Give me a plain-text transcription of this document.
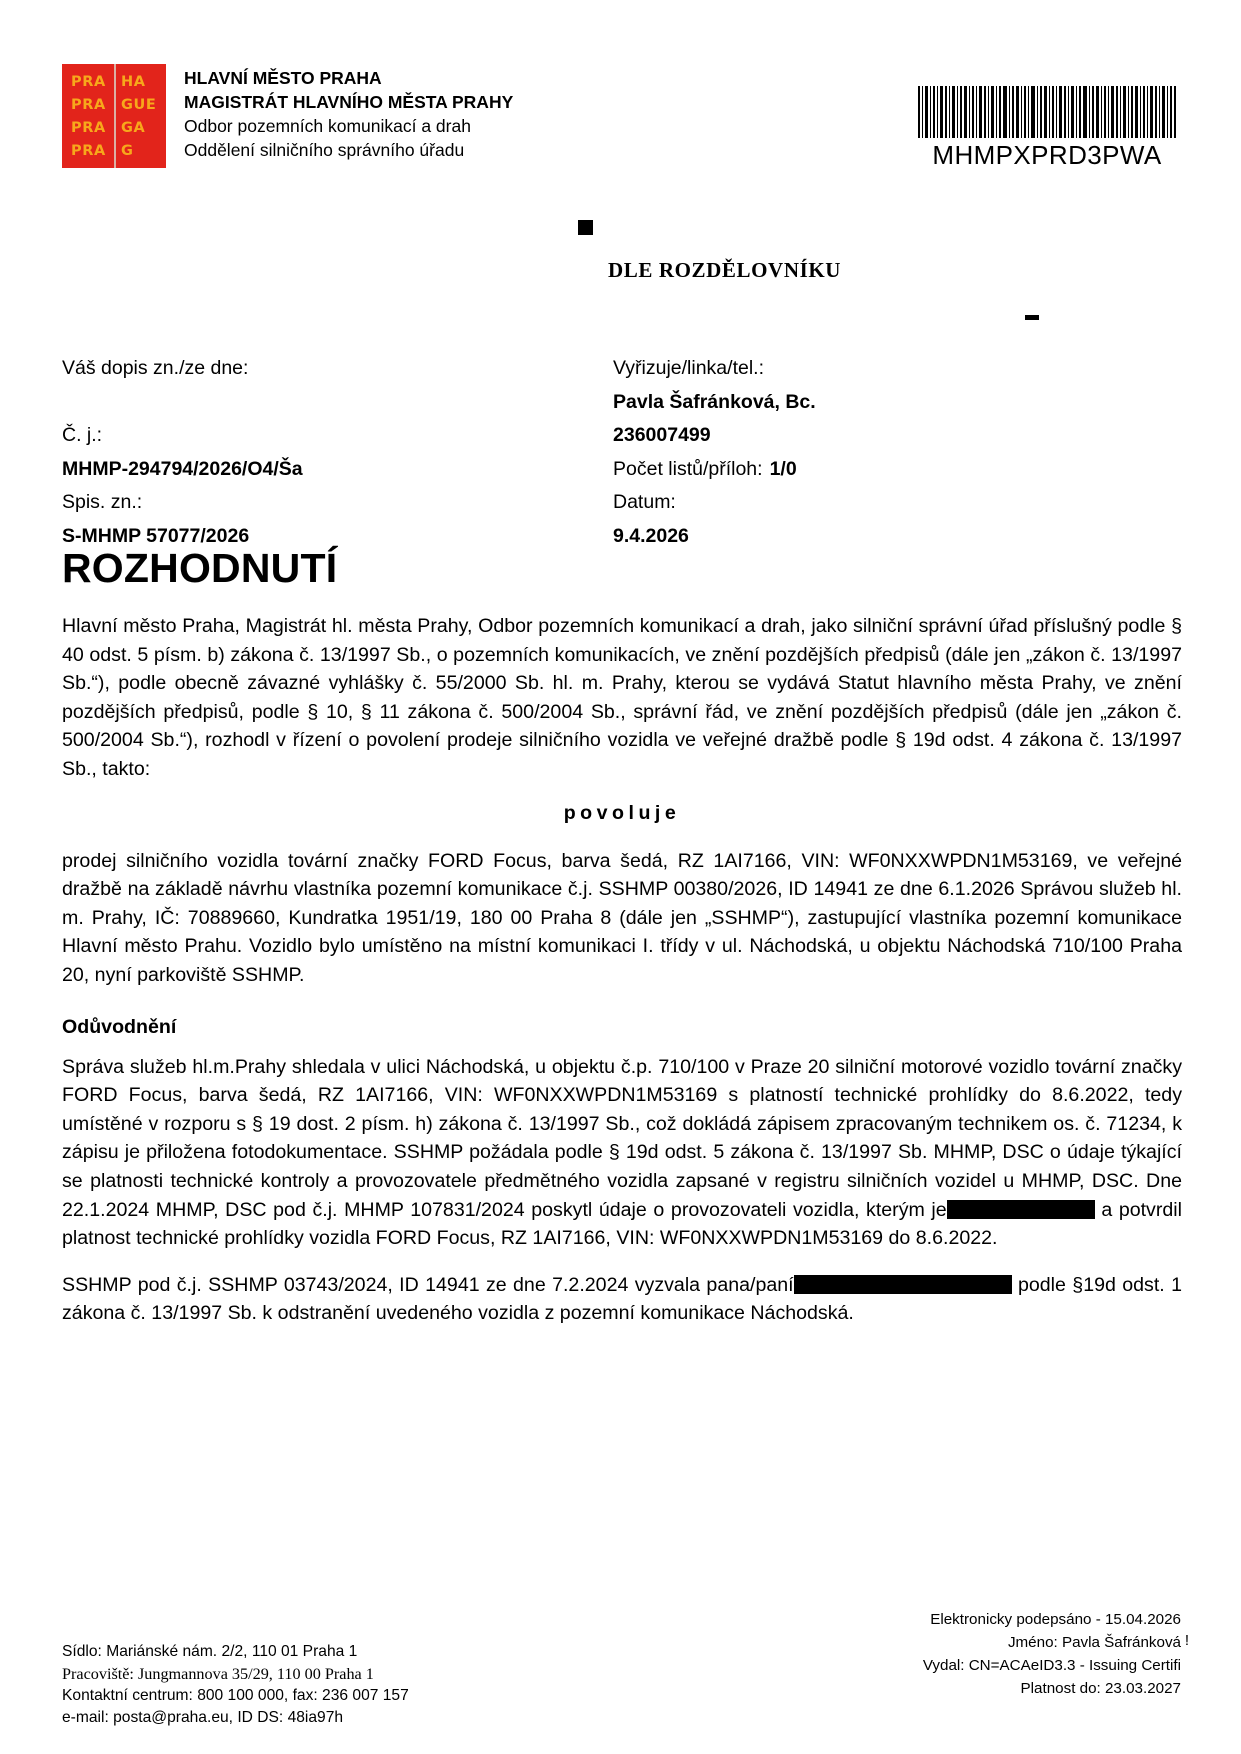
PRA	HA
PRA	GUE
PRA	GA
PRA	G
HLAVNÍ MĚSTO PRAHA
MAGISTRÁT HLAVNÍHO MĚSTA PRAHY
Odbor pozemních komunikací a drah
Oddělení silničního správního úřadu	MHMPXPRD3PWA
DLE ROZDĚLOVNÍKU
Váš dopis zn./ze dne:

Č. j.:
MHMP-294794/2026/O4/Ša
Spis. zn.:
S-MHMP 57077/2026
Vyřizuje/linka/tel.:
Pavla Šafránková, Bc.
236007499
Počet listů/příloh: 1/0
Datum:
9.4.2026
ROZHODNUTÍ

Hlavní město Praha, Magistrát hl. města Prahy, Odbor pozemních komunikací a drah, jako silniční správní úřad příslušný podle § 40 odst. 5 písm. b) zákona č. 13/1997 Sb., o pozemních komunikacích, ve znění pozdějších předpisů (dále jen „zákon č. 13/1997 Sb.“), podle obecně závazné vyhlášky č. 55/2000 Sb. hl. m. Prahy, kterou se vydává Statut hlavního města Prahy, ve znění pozdějších předpisů, podle § 10, § 11 zákona č. 500/2004 Sb., správní řád, ve znění pozdějších předpisů (dále jen „zákon č. 500/2004 Sb.“), rozhodl v řízení o povolení prodeje silničního vozidla ve veřejné dražbě podle § 19d odst. 4 zákona č. 13/1997 Sb., takto:

povoluje

prodej silničního vozidla tovární značky FORD Focus, barva šedá, RZ 1AI7166, VIN: WF0NXXWPDN1M53169, ve veřejné dražbě na základě návrhu vlastníka pozemní komunikace č.j. SSHMP 00380/2026, ID 14941 ze dne 6.1.2026 Správou služeb hl. m. Prahy, IČ: 70889660, Kundratka 1951/19, 180 00 Praha 8 (dále jen „SSHMP“), zastupující vlastníka pozemní komunikace Hlavní město Prahu. Vozidlo bylo umístěno na místní komunikaci I. třídy v ul. Náchodská, u objektu Náchodská 710/100 Praha 20, nyní parkoviště SSHMP.

Odůvodnění

Správa služeb hl.m.Prahy shledala v ulici Náchodská, u objektu č.p. 710/100 v Praze 20 silniční motorové vozidlo tovární značky FORD Focus, barva šedá, RZ 1AI7166, VIN: WF0NXXWPDN1M53169 s platností technické prohlídky do 8.6.2022, tedy umístěné v rozporu s § 19 dost. 2 písm. h) zákona č. 13/1997 Sb., což dokládá zápisem zpracovaným technikem os. č. 71234, k zápisu je přiložena fotodokumentace. SSHMP požádala podle § 19d odst. 5 zákona č. 13/1997 Sb. MHMP, DSC o údaje týkající se platnosti technické kontroly a provozovatele předmětného vozidla zapsané v registru silničních vozidel u MHMP, DSC. Dne 22.1.2024 MHMP, DSC pod č.j. MHMP 107831/2024 poskytl údaje o provozovateli vozidla, kterým je	a potvrdil platnost technické prohlídky vozidla FORD Focus, RZ 1AI7166, VIN: WF0NXXWPDN1M53169 do 8.6.2022.

SSHMP pod č.j. SSHMP 03743/2024, ID 14941 ze dne 7.2.2024 vyzvala pana/paní	podle §19d odst. 1 zákona č. 13/1997 Sb. k odstranění uvedeného vozidla z pozemní komunikace Náchodská.

Sídlo: Mariánské nám. 2/2, 110 01 Praha 1
Pracoviště: Jungmannova 35/29, 110 00 Praha 1
Kontaktní centrum: 800 100 000, fax: 236 007 157
e-mail: posta@praha.eu, ID DS: 48ia97h
Elektronicky podepsáno - 15.04.2026
Jméno: Pavla Šafránková
Vydal: CN=ACAeID3.3 - Issuing Certifi
Platnost do: 23.03.2027
!
